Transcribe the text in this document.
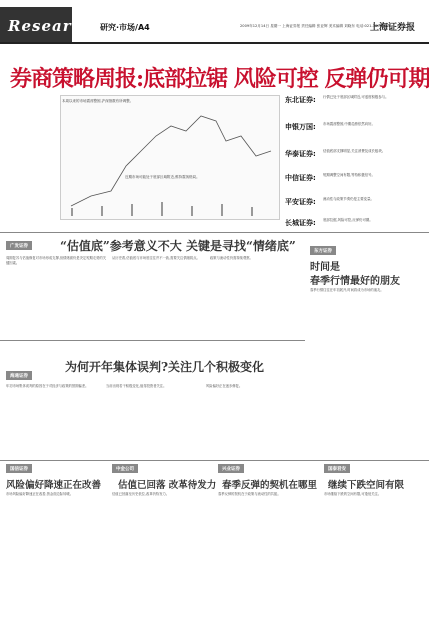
Research 研究·市场/A4	2009年12月14日 星期一 上海证券报 责任编辑 张亚辉 美术编辑 刘晓东 电话:021-38967688
上海证券报
券商策略周报:底部拉锯 风险可控 反弹仍可期
本周以来的市场震荡整固,沪深指数有所调整。
近期市场可能处于底部区域附近,维持震荡格局。
东北证券:	行情已处于底部区域附近,可适度积极参与。
申银万国:	市场震荡整固,中期趋势依然向好。
华泰证券:	估值底部支撑明显,关注消费及成长板块。
中信证券:	短期调整空间有限,等待积极信号。
平安证券:	流动性与政策节奏仍是主要变量。
长城证券:	底部拉锯,风险可控,反弹仍可期。
广发证券	“估值底”参考意义不大 关键是寻找“情绪底”
周期复苏与估值修复对市场形成支撑,但情绪面仍是决定短期走势的关键因素。
从历史看,估值底与市场底往往并不一致,需要关注情绪拐点。	政策与流动性仍需持续观察。
东方证券
时间是
春季行情最好的朋友
春季行情往往在年初展开,时间将成为市场的朋友。
海通证券
为何开年集体误判?关注几个积极变化
年初市场集体误判的原因在于对经济与政策的预期偏差。	当前出现若干积极变化,值得投资者关注。	风险偏好正在逐步修复。
国信证券
风险偏好降速正在改善
市场风险偏好降速正在改善,资金面边际转暖。
中金公司
估值已回落 改革待发力
估值已回落至历史低位,改革仍待发力。
兴业证券
春季反弹的契机在哪里
春季反弹的契机在于政策与流动性的共振。
国泰君安
继续下跌空间有限
市场继续下跌的空间有限,可逢低关注。
